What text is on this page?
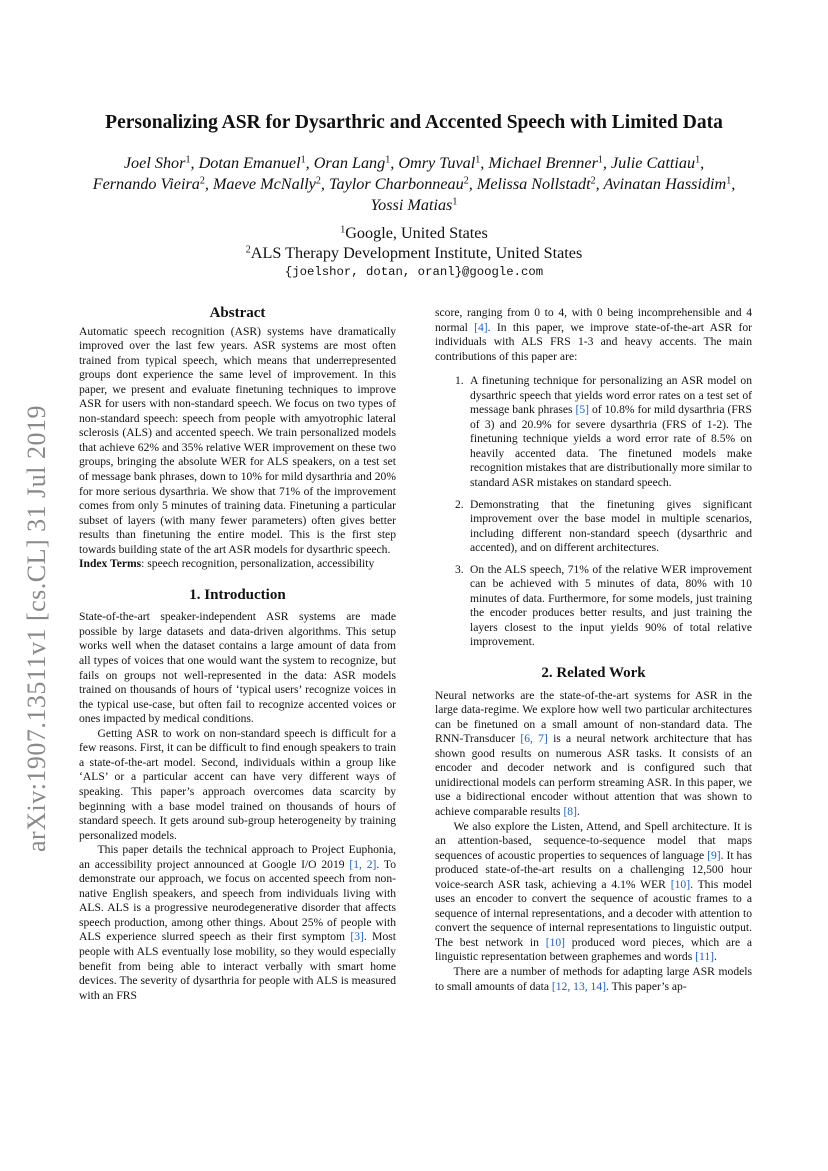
arXiv:1907.13511v1 [cs.CL] 31 Jul 2019
Personalizing ASR for Dysarthric and Accented Speech with Limited Data
Joel Shor$^1$, Dotan Emanuel$^1$, Oran Lang$^1$, Omry Tuval$^1$, Michael Brenner$^1$, Julie Cattiau$^1$,
Fernando Vieira$^2$, Maeve McNally$^2$, Taylor Charbonneau$^2$, Melissa Nollstadt$^2$, Avinatan Hassidim$^1$,
Yossi Matias$^1$
$^1$Google, United States
$^2$ALS Therapy Development Institute, United States
{joelshor, dotan, oranl}@google.com
Abstract

Automatic speech recognition (ASR) systems have dramatically improved over the last few years. ASR systems are most often trained from typical speech, which means that underrepresented groups dont experience the same level of improvement. In this paper, we present and evaluate finetuning techniques to improve ASR for users with non-standard speech. We focus on two types of non-standard speech: speech from people with amyotrophic lateral sclerosis (ALS) and accented speech. We train personalized models that achieve 62% and 35% relative WER improvement on these two groups, bringing the absolute WER for ALS speakers, on a test set of message bank phrases, down to 10% for mild dysarthria and 20% for more serious dysarthria. We show that 71% of the improvement comes from only 5 minutes of training data. Finetuning a particular subset of layers (with many fewer parameters) often gives better results than finetuning the entire model. This is the first step towards building state of the art ASR models for dysarthric speech.

Index Terms: speech recognition, personalization, accessibility

1. Introduction

State-of-the-art speaker-independent ASR systems are made possible by large datasets and data-driven algorithms. This setup works well when the dataset contains a large amount of data from all types of voices that one would want the system to recognize, but fails on groups not well-represented in the data: ASR models trained on thousands of hours of ‘typical users’ recognize voices in the typical use-case, but often fail to recognize accented voices or ones impacted by medical conditions.

Getting ASR to work on non-standard speech is difficult for a few reasons. First, it can be difficult to find enough speakers to train a state-of-the-art model. Second, individuals within a group like ‘ALS’ or a particular accent can have very different ways of speaking. This paper’s approach overcomes data scarcity by beginning with a base model trained on thousands of hours of standard speech. It gets around sub-group heterogeneity by training personalized models.

This paper details the technical approach to Project Euphonia, an accessibility project announced at Google I/O 2019 [1, 2]. To demonstrate our approach, we focus on accented speech from non-native English speakers, and speech from individuals living with ALS. ALS is a progressive neurodegenerative disorder that affects speech production, among other things. About 25% of people with ALS experience slurred speech as their first symptom [3]. Most people with ALS eventually lose mobility, so they would especially benefit from being able to interact verbally with smart home devices. The severity of dysarthria for people with ALS is measured with an FRS

score, ranging from 0 to 4, with 0 being incomprehensible and 4 normal [4]. In this paper, we improve state-of-the-art ASR for individuals with ALS FRS 1-3 and heavy accents. The main contributions of this paper are:

1. A finetuning technique for personalizing an ASR model on dysarthric speech that yields word error rates on a test set of message bank phrases [5] of 10.8% for mild dysarthria (FRS of 3) and 20.9% for severe dysarthria (FRS of 1-2). The finetuning technique yields a word error rate of 8.5% on heavily accented data. The finetuned models make recognition mistakes that are distributionally more similar to standard ASR mistakes on standard speech.
2. Demonstrating that the finetuning gives significant improvement over the base model in multiple scenarios, including different non-standard speech (dysarthric and accented), and on different architectures.
3. On the ALS speech, 71% of the relative WER improvement can be achieved with 5 minutes of data, 80% with 10 minutes of data. Furthermore, for some models, just training the encoder produces better results, and just training the layers closest to the input yields 90% of total relative improvement.
2. Related Work

Neural networks are the state-of-the-art systems for ASR in the large data-regime. We explore how well two particular architectures can be finetuned on a small amount of non-standard data. The RNN-Transducer [6, 7] is a neural network architecture that has shown good results on numerous ASR tasks. It consists of an encoder and decoder network and is configured such that unidirectional models can perform streaming ASR. In this paper, we use a bidirectional encoder without attention that was shown to achieve comparable results [8].

We also explore the Listen, Attend, and Spell architecture. It is an attention-based, sequence-to-sequence model that maps sequences of acoustic properties to sequences of language [9]. It has produced state-of-the-art results on a challenging 12,500 hour voice-search ASR task, achieving a 4.1% WER [10]. This model uses an encoder to convert the sequence of acoustic frames to a sequence of internal representations, and a decoder with attention to convert the sequence of internal representations to linguistic output. The best network in [10] produced word pieces, which are a linguistic representation between graphemes and words [11].

There are a number of methods for adapting large ASR models to small amounts of data [12, 13, 14]. This paper’s ap-
